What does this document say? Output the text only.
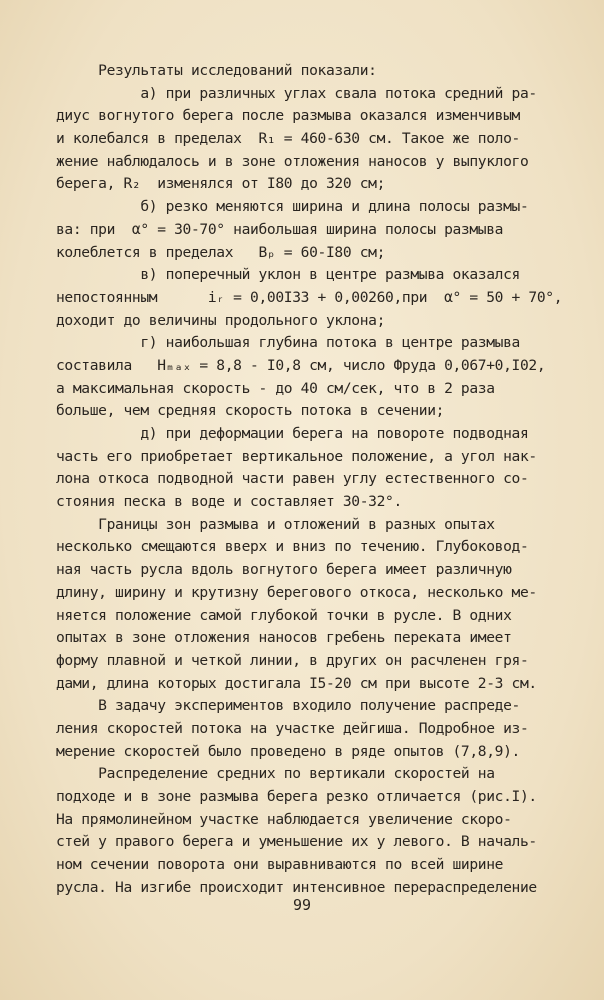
Результаты исследований показали:
а) при различных углах свала потока средний ра-
диус вогнутого берега после размыва оказался изменчивым
и колебался в пределах  R₁ = 460-630 см. Такое же поло-
жение наблюдалось и в зоне отложения наносов у выпуклого
берега, R₂  изменялся от I80 до 320 см;
б) резко меняются ширина и длина полосы размы-
ва: при  α° = 30-70° наибольшая ширина полосы размыва
колеблется в пределах   Bₚ = 60-I80 см;
в) поперечный уклон в центре размыва оказался
непостоянным      iᵣ = 0,00I33 + 0,00260,при  α° = 50 + 70°,
доходит до величины продольного уклона;
г) наибольшая глубина потока в центре размыва
составила   Hₘₐₓ = 8,8 - I0,8 см, число Фруда 0,067+0,I02,
а максимальная скорость - до 40 см/сек, что в 2 раза
больше, чем средняя скорость потока в сечении;
д) при деформации берега на повороте подводная
часть его приобретает вертикальное положение, а угол нак-
лона откоса подводной части равен углу естественного со-
стояния песка в воде и составляет 30-32°.
Границы зон размыва и отложений в разных опытах
несколько смещаются вверх и вниз по течению. Глубоковод-
ная часть русла вдоль вогнутого берега имеет различную
длину, ширину и крутизну берегового откоса, несколько ме-
няется положение самой глубокой точки в русле. В одних
опытах в зоне отложения наносов гребень переката имеет
форму плавной и четкой линии, в других он расчленен гря-
дами, длина которых достигала I5-20 см при высоте 2-3 см.
В задачу экспериментов входило получение распреде-
ления скоростей потока на участке дейгиша. Подробное из-
мерение скоростей было проведено в ряде опытов (7,8,9).
Распределение средних по вертикали скоростей на
подходе и в зоне размыва берега резко отличается (рис.I).
На прямолинейном участке наблюдается увеличение скоро-
стей у правого берега и уменьшение их у левого. В началь-
ном сечении поворота они выравниваются по всей ширине
русла. На изгибе происходит интенсивное перераспределение
99
